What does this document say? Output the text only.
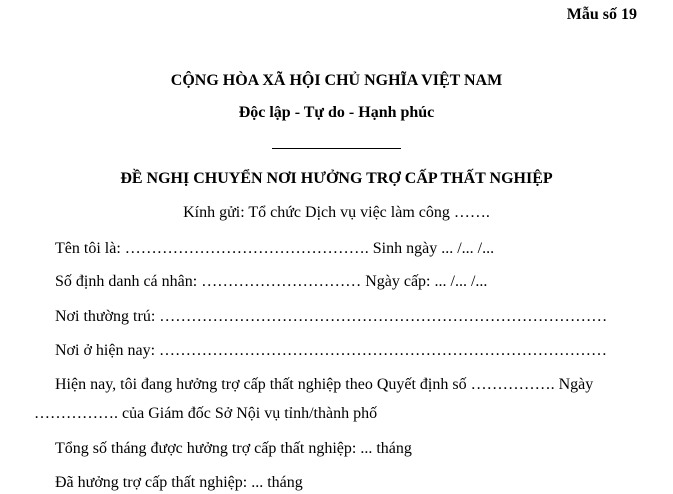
Mẫu số 19
CỘNG HÒA XÃ HỘI CHỦ NGHĨA VIỆT NAM
Độc lập - Tự do - Hạnh phúc
ĐỀ NGHỊ CHUYỂN NƠI HƯỞNG TRỢ CẤP THẤT NGHIỆP
Kính gửi: Tổ chức Dịch vụ việc làm công …….
Tên tôi là: ………………………………………. Sinh ngày ... /... /...
Số định danh cá nhân: ………………………… Ngày cấp: ... /... /...
Nơi thường trú: …………………………………………………………………………
Nơi ở hiện nay: …………………………………………………………………………
Hiện nay, tôi đang hưởng trợ cấp thất nghiệp theo Quyết định số ……………. Ngày
……………. của Giám đốc Sở Nội vụ tỉnh/thành phố
Tổng số tháng được hưởng trợ cấp thất nghiệp: ... tháng
Đã hưởng trợ cấp thất nghiệp: ... tháng
